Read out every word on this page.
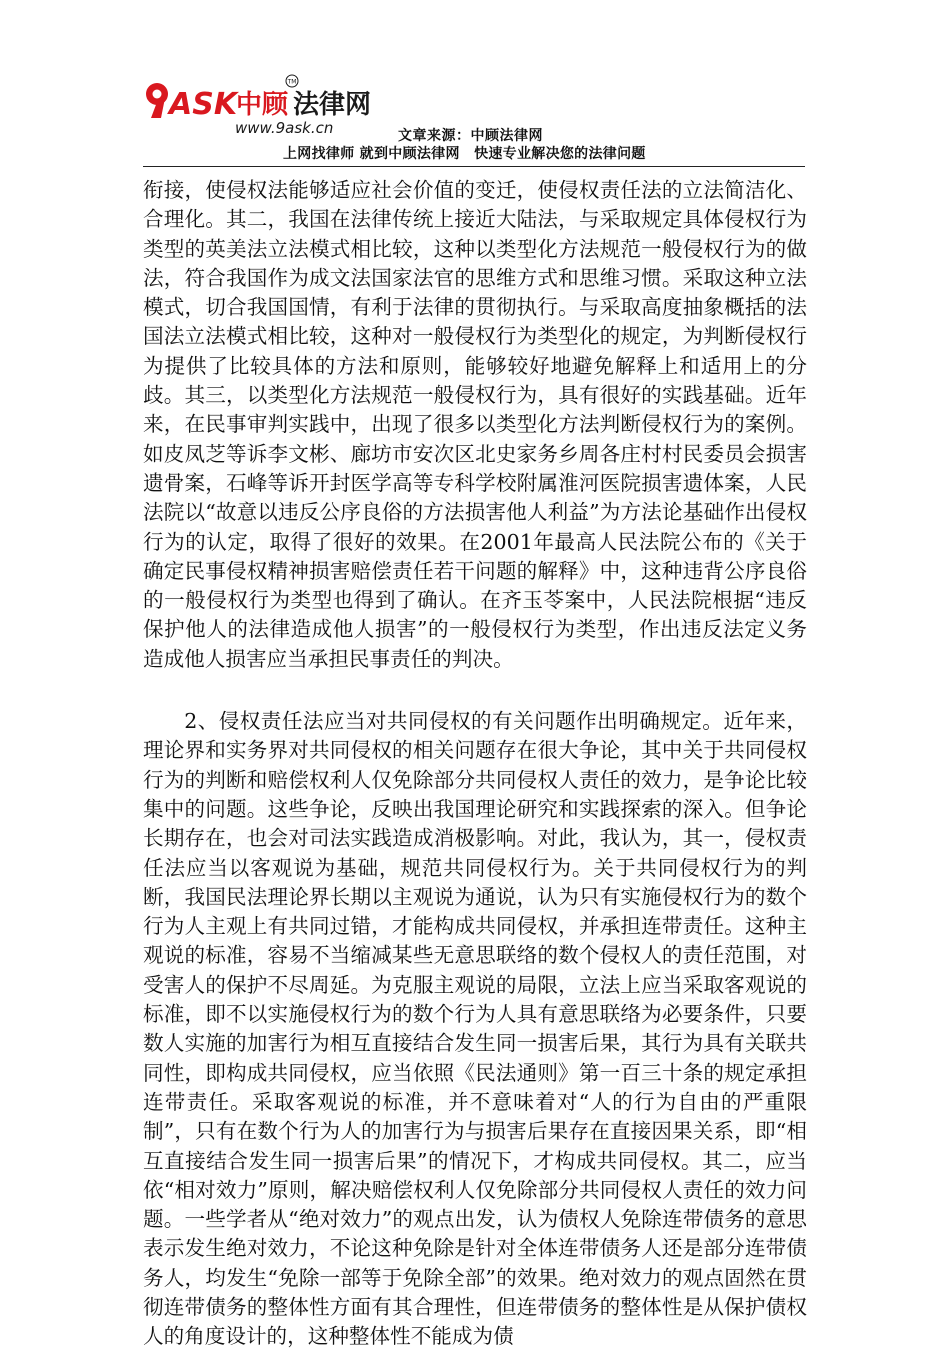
ASK
中顾 法律网
TM
www.9ask.cn	文章来源：中顾法律网
上网找律师 就到中顾法律网　快速专业解决您的法律问题

衔接，使侵权法能够适应社会价值的变迁，使侵权责任法的立法简洁化、合理化。其二，我国在法律传统上接近大陆法，与采取规定具体侵权行为类型的英美法立法模式相比较，这种以类型化方法规范一般侵权行为的做法，符合我国作为成文法国家法官的思维方式和思维习惯。采取这种立法模式，切合我国国情，有利于法律的贯彻执行。与采取高度抽象概括的法国法立法模式相比较，这种对一般侵权行为类型化的规定，为判断侵权行为提供了比较具体的方法和原则，能够较好地避免解释上和适用上的分歧。其三，以类型化方法规范一般侵权行为，具有很好的实践基础。近年来，在民事审判实践中，出现了很多以类型化方法判断侵权行为的案例。如皮凤芝等诉李文彬、廊坊市安次区北史家务乡周各庄村村民委员会损害遗骨案，石峰等诉开封医学高等专科学校附属淮河医院损害遗体案，人民法院以“故意以违反公序良俗的方法损害他人利益”为方法论基础作出侵权行为的认定，取得了很好的效果。在2001年最高人民法院公布的《关于确定民事侵权精神损害赔偿责任若干问题的解释》中，这种违背公序良俗的一般侵权行为类型也得到了确认。在齐玉苓案中，人民法院根据“违反保护他人的法律造成他人损害”的一般侵权行为类型，作出违反法定义务造成他人损害应当承担民事责任的判决。

2、侵权责任法应当对共同侵权的有关问题作出明确规定。近年来，理论界和实务界对共同侵权的相关问题存在很大争论，其中关于共同侵权行为的判断和赔偿权利人仅免除部分共同侵权人责任的效力，是争论比较集中的问题。这些争论，反映出我国理论研究和实践探索的深入。但争论长期存在，也会对司法实践造成消极影响。对此，我认为，其一，侵权责任法应当以客观说为基础，规范共同侵权行为。关于共同侵权行为的判断，我国民法理论界长期以主观说为通说，认为只有实施侵权行为的数个行为人主观上有共同过错，才能构成共同侵权，并承担连带责任。这种主观说的标准，容易不当缩减某些无意思联络的数个侵权人的责任范围，对受害人的保护不尽周延。为克服主观说的局限，立法上应当采取客观说的标准，即不以实施侵权行为的数个行为人具有意思联络为必要条件，只要数人实施的加害行为相互直接结合发生同一损害后果，其行为具有关联共同性，即构成共同侵权，应当依照《民法通则》第一百三十条的规定承担连带责任。采取客观说的标准，并不意味着对“人的行为自由的严重限制”，只有在数个行为人的加害行为与损害后果存在直接因果关系，即“相互直接结合发生同一损害后果”的情况下，才构成共同侵权。其二，应当依“相对效力”原则，解决赔偿权利人仅免除部分共同侵权人责任的效力问题。一些学者从“绝对效力”的观点出发，认为债权人免除连带债务的意思表示发生绝对效力，不论这种免除是针对全体连带债务人还是部分连带债务人，均发生“免除一部等于免除全部”的效果。绝对效力的观点固然在贯彻连带债务的整体性方面有其合理性，但连带债务的整体性是从保护债权人的角度设计的，这种整体性不能成为债
